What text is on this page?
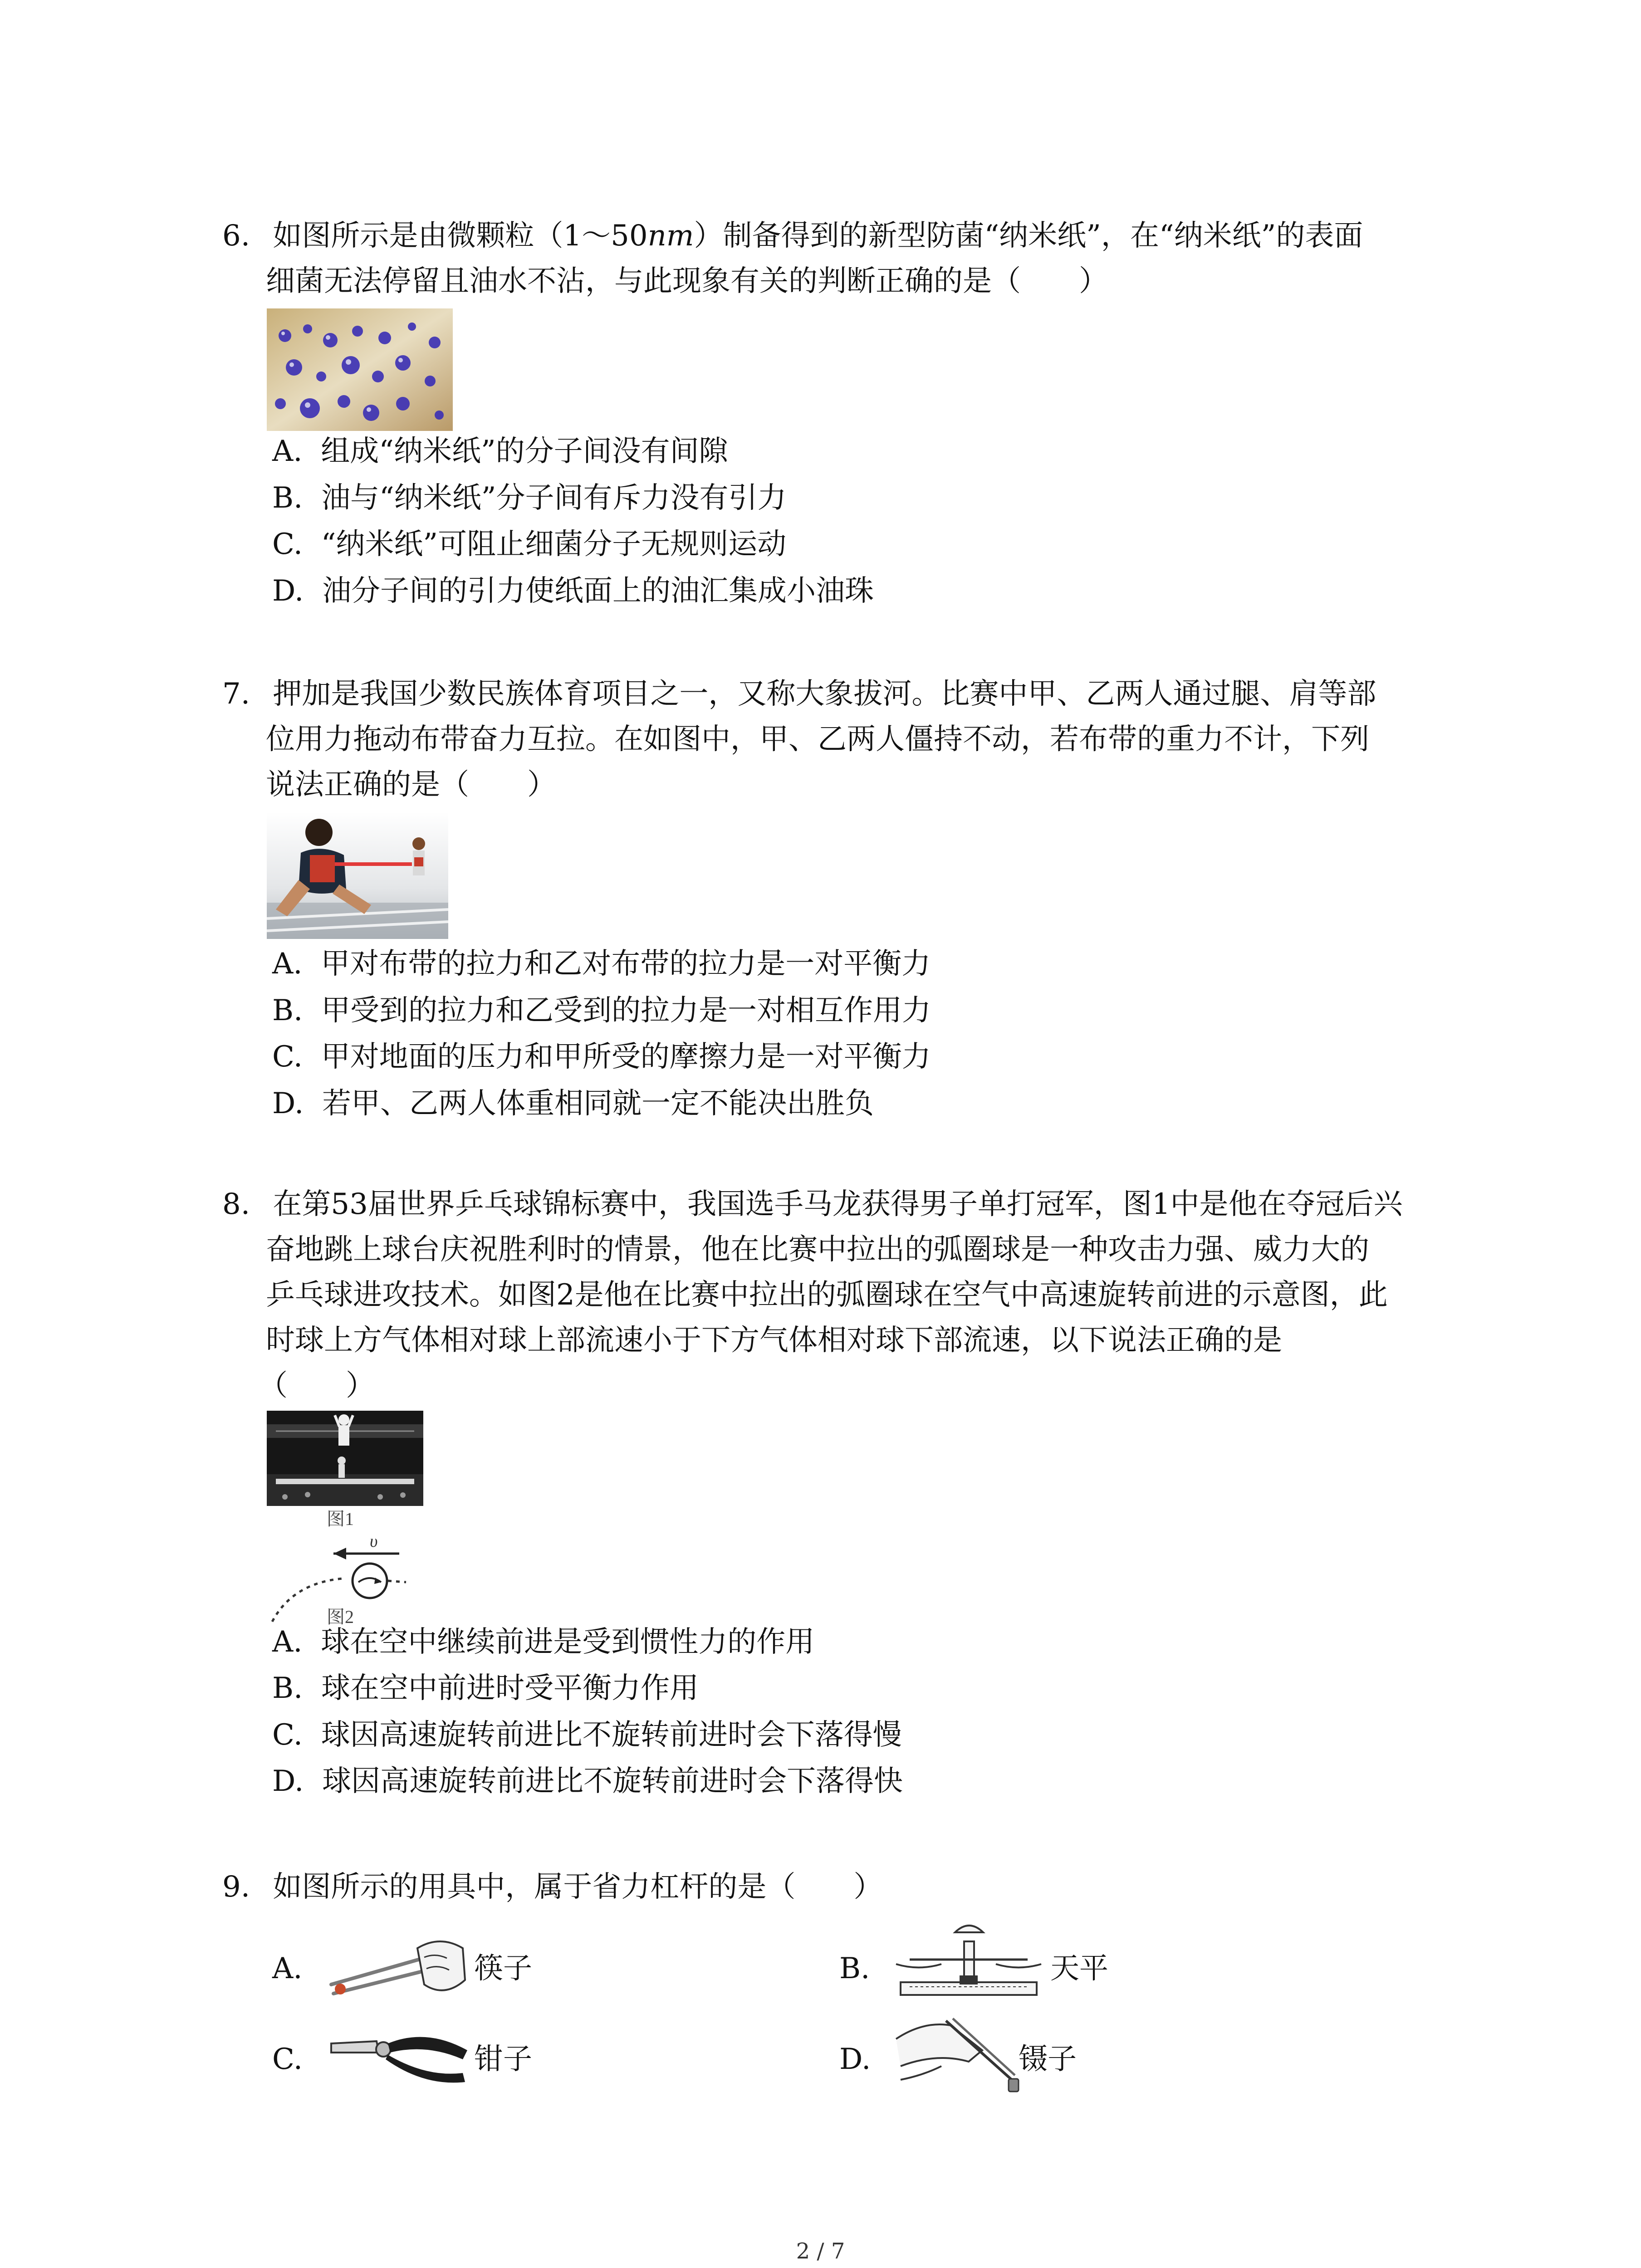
6. 如图所示是由微颗粒（1～50nm）制备得到的新型防菌“纳米纸”，在“纳米纸”的表面
细菌无法停留且油水不沾，与此现象有关的判断正确的是（　　）
A. 组成“纳米纸”的分子间没有间隙
B. 油与“纳米纸”分子间有斥力没有引力
C. “纳米纸”可阻止细菌分子无规则运动
D. 油分子间的引力使纸面上的油汇集成小油珠
7. 押加是我国少数民族体育项目之一，又称大象拔河。比赛中甲、乙两人通过腿、肩等部
位用力拖动布带奋力互拉。在如图中，甲、乙两人僵持不动，若布带的重力不计，下列
说法正确的是（　　）
A. 甲对布带的拉力和乙对布带的拉力是一对平衡力
B. 甲受到的拉力和乙受到的拉力是一对相互作用力
C. 甲对地面的压力和甲所受的摩擦力是一对平衡力
D. 若甲、乙两人体重相同就一定不能决出胜负
8. 在第53届世界乒乓球锦标赛中，我国选手马龙获得男子单打冠军，图1中是他在夺冠后兴
奋地跳上球台庆祝胜利时的情景，他在比赛中拉出的弧圈球是一种攻击力强、威力大的
乒乓球进攻技术。如图2是他在比赛中拉出的弧圈球在空气中高速旋转前进的示意图，此
时球上方气体相对球上部流速小于下方气体相对球下部流速，以下说法正确的是
（　　）
图1
υ
图2
A. 球在空中继续前进是受到惯性力的作用
B. 球在空中前进时受平衡力作用
C. 球因高速旋转前进比不旋转前进时会下落得慢
D. 球因高速旋转前进比不旋转前进时会下落得快
9. 如图所示的用具中，属于省力杠杆的是（　　）
A.	筷子	B.	天平
C.	钳子	D.	镊子
2 / 7
